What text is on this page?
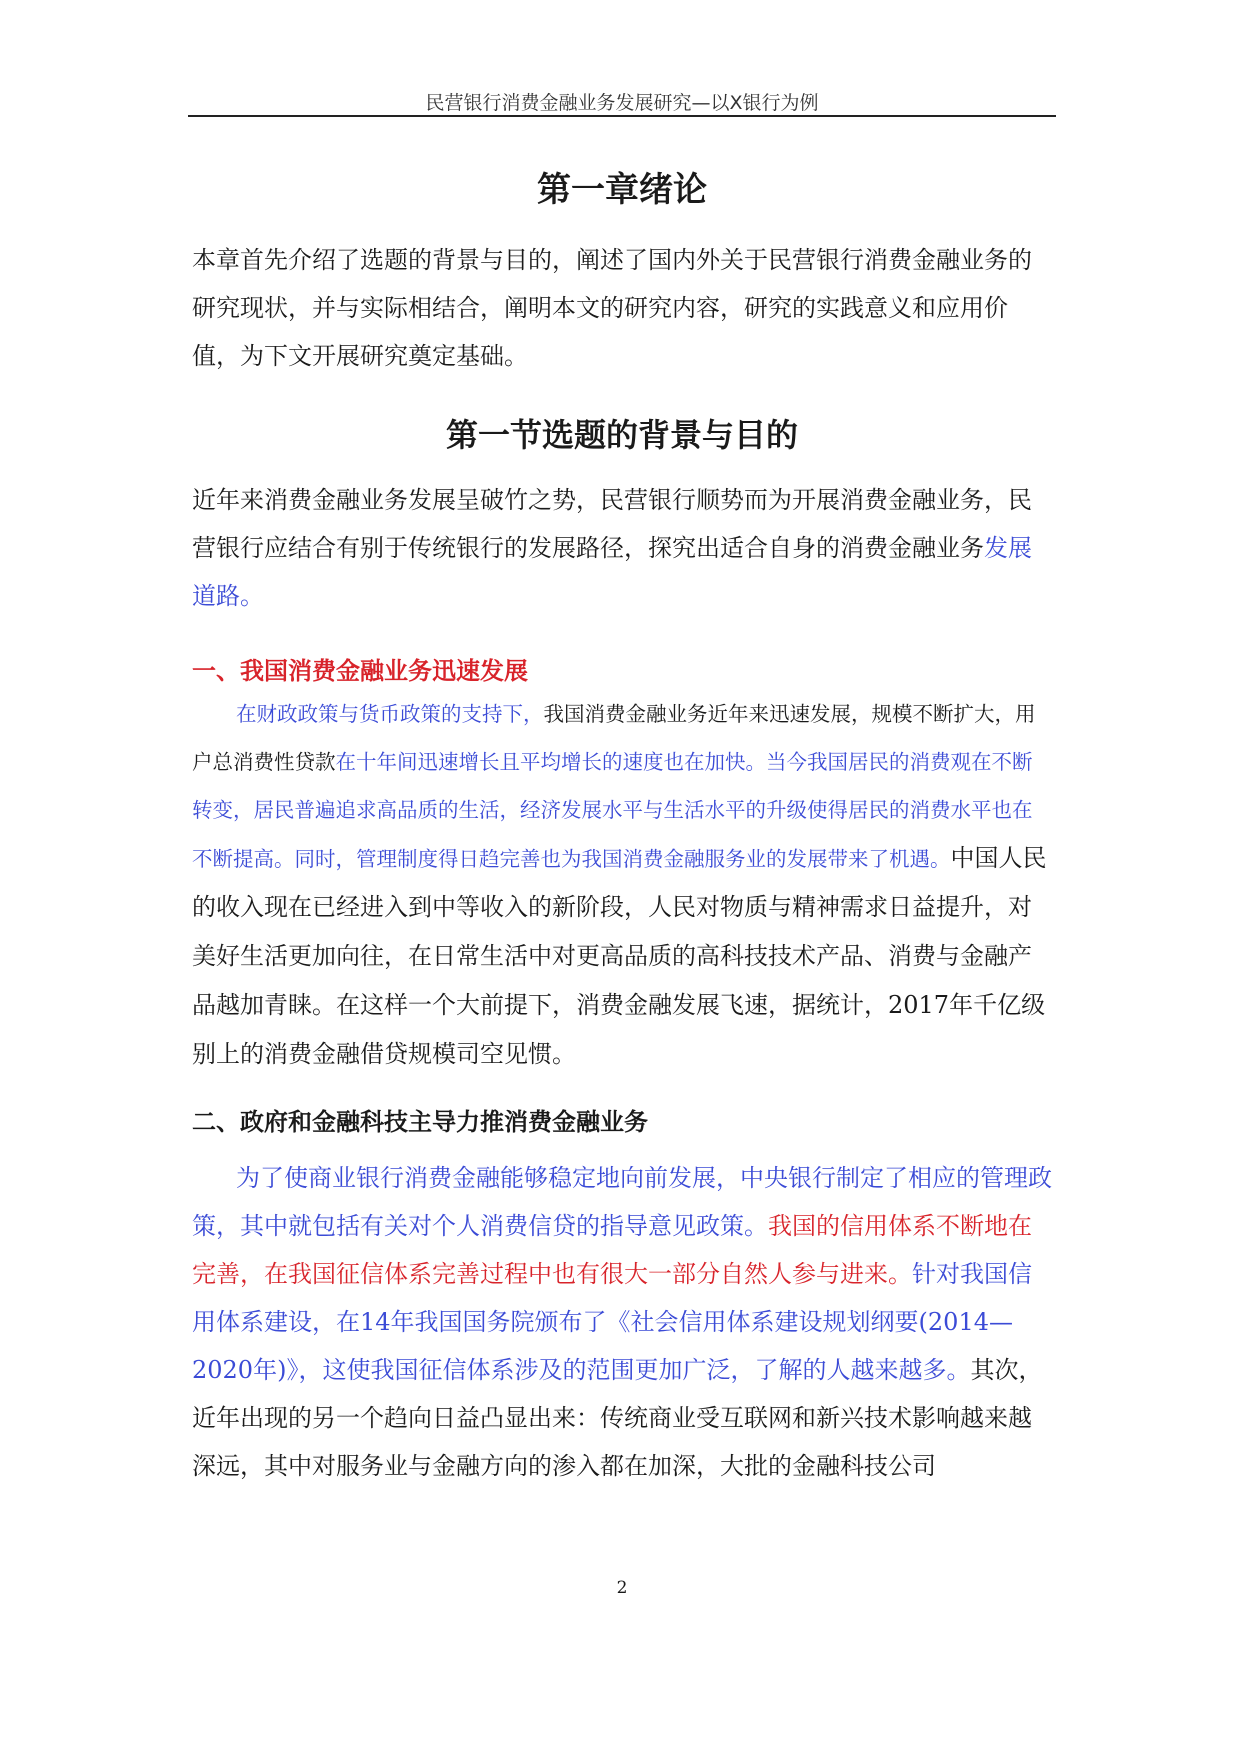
民营银行消费金融业务发展研究—以X银行为例
第一章绪论
本章首先介绍了选题的背景与目的，阐述了国内外关于民营银行消费金融业务的研究现状，并与实际相结合，阐明本文的研究内容，研究的实践意义和应用价值，为下文开展研究奠定基础。
第一节选题的背景与目的
近年来消费金融业务发展呈破竹之势，民营银行顺势而为开展消费金融业务，民营银行应结合有别于传统银行的发展路径，探究出适合自身的消费金融业务发展道路。
一、我国消费金融业务迅速发展
在财政政策与货币政策的支持下，我国消费金融业务近年来迅速发展，规模不断扩大，用户总消费性贷款在十年间迅速增长且平均增长的速度也在加快。当今我国居民的消费观在不断转变，居民普遍追求高品质的生活，经济发展水平与生活水平的升级使得居民的消费水平也在不断提高。同时，管理制度得日趋完善也为我国消费金融服务业的发展带来了机遇。中国人民的收入现在已经进入到中等收入的新阶段，人民对物质与精神需求日益提升，对美好生活更加向往，在日常生活中对更高品质的高科技技术产品、消费与金融产品越加青睐。在这样一个大前提下，消费金融发展飞速，据统计，2017年千亿级别上的消费金融借贷规模司空见惯。
二、政府和金融科技主导力推消费金融业务
为了使商业银行消费金融能够稳定地向前发展，中央银行制定了相应的管理政策，其中就包括有关对个人消费信贷的指导意见政策。我国的信用体系不断地在完善，在我国征信体系完善过程中也有很大一部分自然人参与进来。针对我国信用体系建设，在14年我国国务院颁布了《社会信用体系建设规划纲要(2014—
2020年)》，这使我国征信体系涉及的范围更加广泛，了解的人越来越多。其次，近年出现的另一个趋向日益凸显出来：传统商业受互联网和新兴技术影响越来越深远，其中对服务业与金融方向的渗入都在加深，大批的金融科技公司
2
